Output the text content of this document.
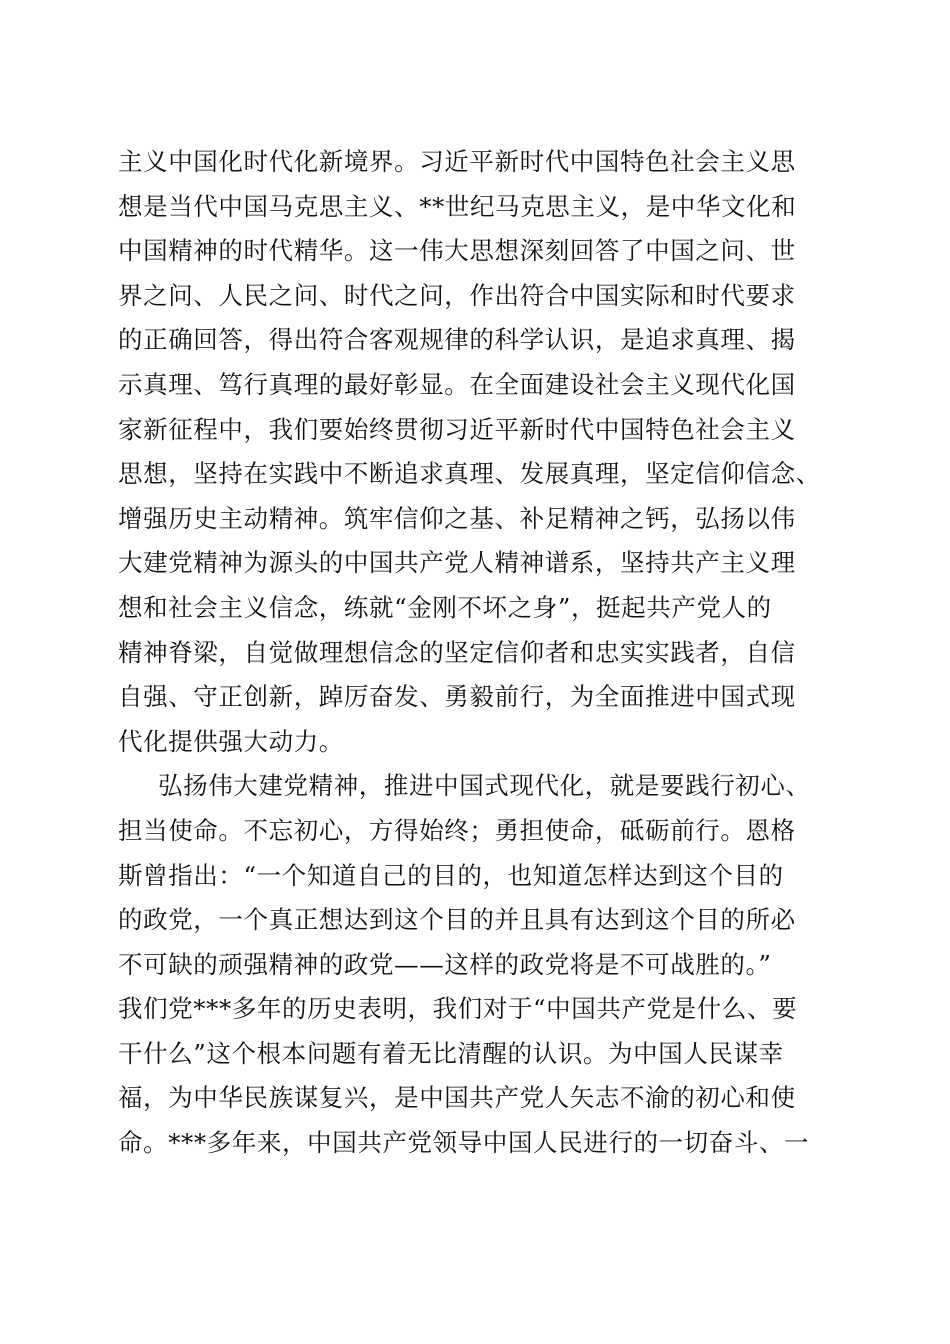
主义中国化时代化新境界。习近平新时代中国特色社会主义思
想是当代中国马克思主义、**世纪马克思主义，是中华文化和
中国精神的时代精华。这一伟大思想深刻回答了中国之问、世
界之问、人民之问、时代之问，作出符合中国实际和时代要求
的正确回答，得出符合客观规律的科学认识，是追求真理、揭
示真理、笃行真理的最好彰显。在全面建设社会主义现代化国
家新征程中，我们要始终贯彻习近平新时代中国特色社会主义
思想，坚持在实践中不断追求真理、发展真理，坚定信仰信念、
增强历史主动精神。筑牢信仰之基、补足精神之钙，弘扬以伟
大建党精神为源头的中国共产党人精神谱系，坚持共产主义理
想和社会主义信念，练就“金刚不坏之身”，挺起共产党人的
精神脊梁，自觉做理想信念的坚定信仰者和忠实实践者，自信
自强、守正创新，踔厉奋发、勇毅前行，为全面推进中国式现
代化提供强大动力。
弘扬伟大建党精神，推进中国式现代化，就是要践行初心、
担当使命。不忘初心，方得始终；勇担使命，砥砺前行。恩格
斯曾指出：“一个知道自己的目的，也知道怎样达到这个目的
的政党，一个真正想达到这个目的并且具有达到这个目的所必
不可缺的顽强精神的政党——这样的政党将是不可战胜的。”
我们党***多年的历史表明，我们对于“中国共产党是什么、要
干什么”这个根本问题有着无比清醒的认识。为中国人民谋幸
福，为中华民族谋复兴，是中国共产党人矢志不渝的初心和使
命。***多年来，中国共产党领导中国人民进行的一切奋斗、一
